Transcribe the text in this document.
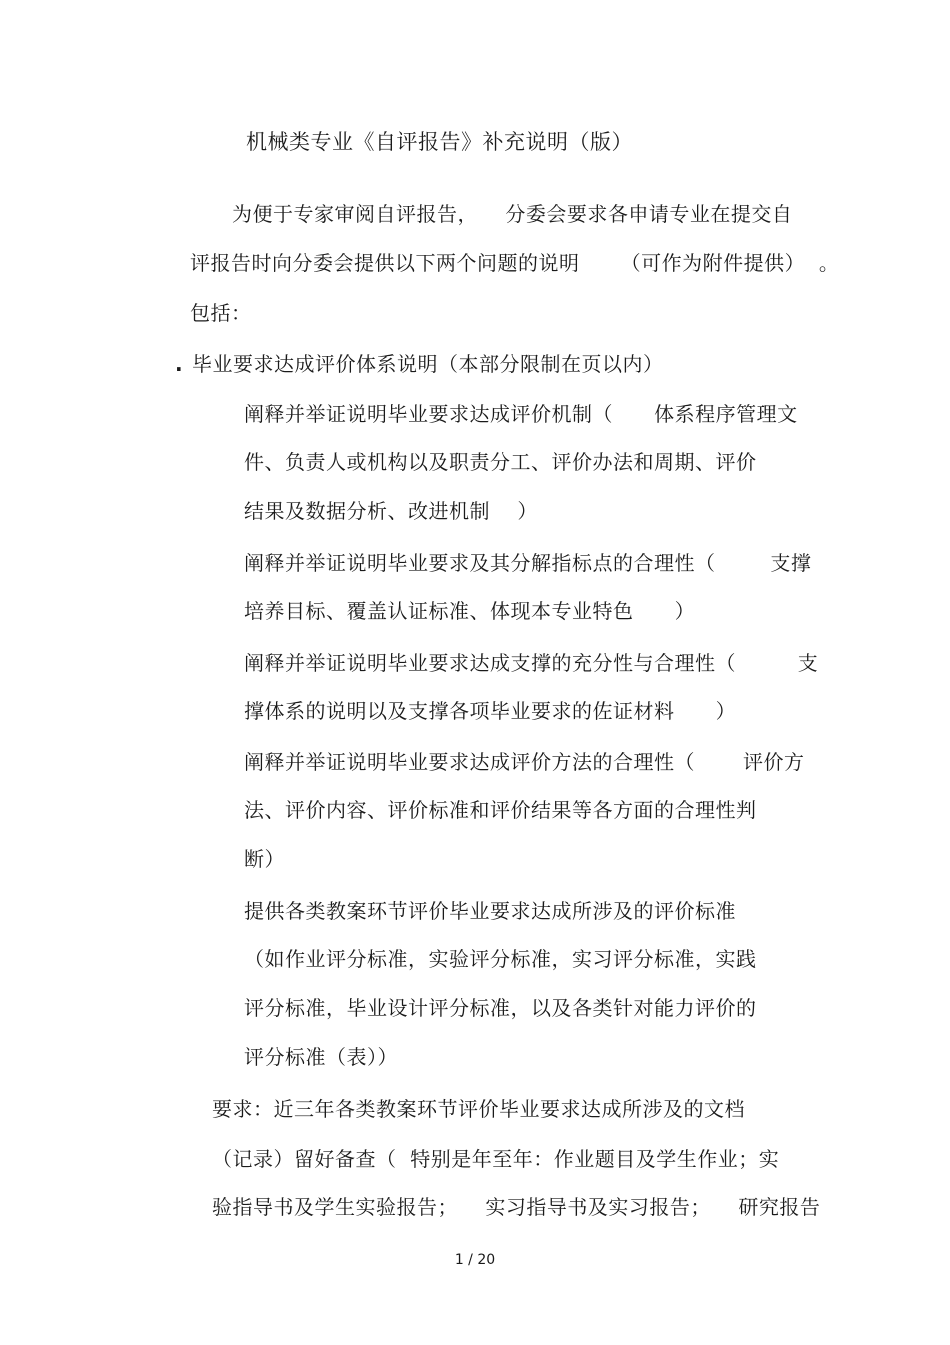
机械类专业《自评报告》补充说明（版）
为便于专家审阅自评报告，    分委会要求各申请专业在提交自
评报告时向分委会提供以下两个问题的说明      （可作为附件提供）  。
包括：
. 毕业要求达成评价体系说明（本部分限制在页以内）
阐释并举证说明毕业要求达成评价机制（      体系程序管理文
件、负责人或机构以及职责分工、评价办法和周期、评价
结果及数据分析、改进机制    ）
阐释并举证说明毕业要求及其分解指标点的合理性（        支撑
培养目标、覆盖认证标准、体现本专业特色      ）
阐释并举证说明毕业要求达成支撑的充分性与合理性（         支
撑体系的说明以及支撑各项毕业要求的佐证材料      ）
阐释并举证说明毕业要求达成评价方法的合理性（       评价方
法、评价内容、评价标准和评价结果等各方面的合理性判
断）
提供各类教案环节评价毕业要求达成所涉及的评价标准
（如作业评分标准，实验评分标准，实习评分标准，实践
评分标准，毕业设计评分标准，以及各类针对能力评价的
评分标准（表））
要求：近三年各类教案环节评价毕业要求达成所涉及的文档
（记录）留好备查（  特别是年至年：作业题目及学生作业；实
验指导书及学生实验报告；    实习指导书及实习报告；    研究报告
1 / 20
